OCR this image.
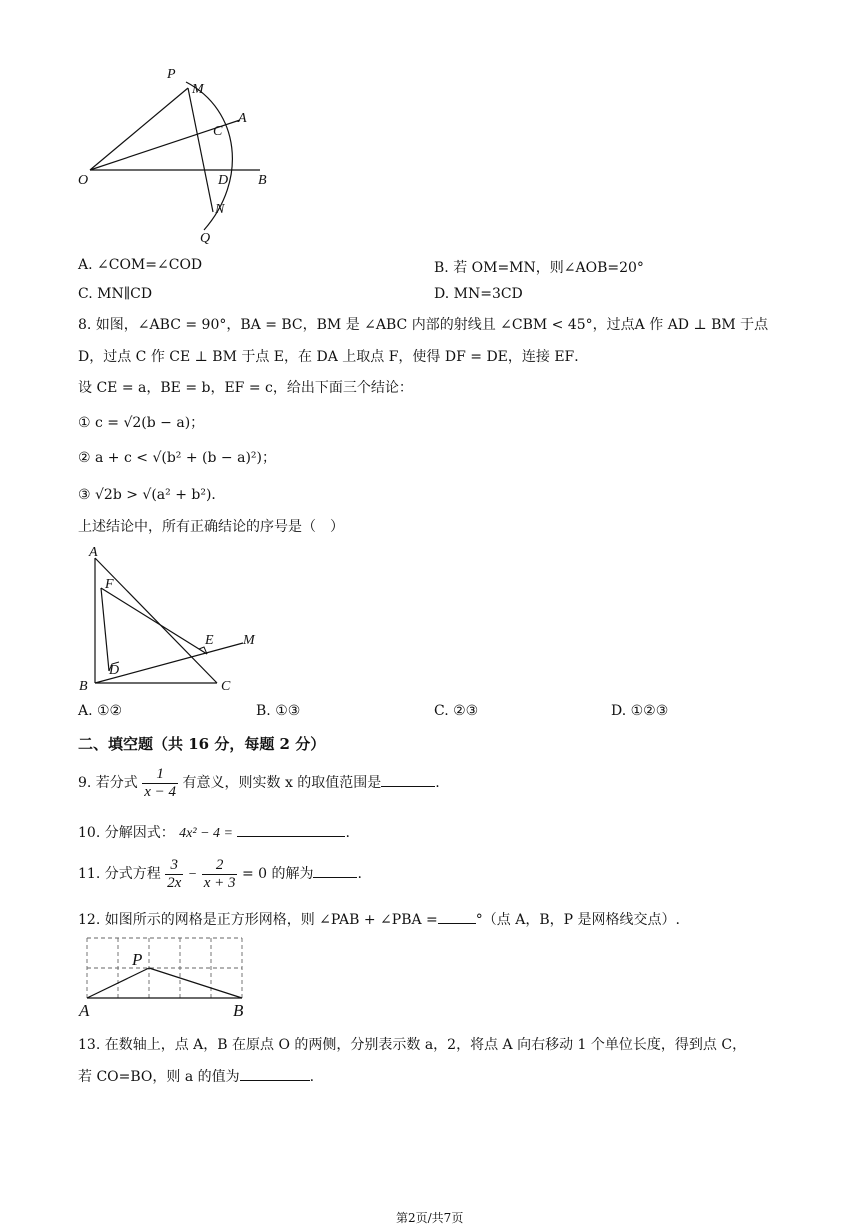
P
M
A
C
O	D B
N
Q
A. ∠COM=∠COD	B. 若 OM=MN，则∠AOB=20°
C. MN∥CD	D. MN=3CD
8. 如图，∠ABC = 90°，BA = BC，BM 是 ∠ABC 内部的射线且 ∠CBM < 45°，过点A 作 AD ⊥ BM 于点
D，过点 C 作 CE ⊥ BM 于点 E，在 DA 上取点 F，使得 DF = DE，连接 EF．
设 CE = a，BE = b，EF = c，给出下面三个结论：
① c = √2(b − a)；
② a + c < √(b² + (b − a)²)；
③ √2b > √(a² + b²)．
上述结论中，所有正确结论的序号是（　）
A
F
E M
D
B	C
A. ①②	B. ①③	C. ②③	D. ①②③
二、填空题（共 16 分，每题 2 分）
9. 若分式 $\frac{1}{x - 4}$ 有意义，则实数 x 的取值范围是	.
10. 分解因式： 4x² − 4 =	.
11. 分式方程 $\frac{3}{2x} - \frac{2}{x + 3} = 0$ 的解为	.
12. 如图所示的网格是正方形网格，则 ∠PAB + ∠PBA =	°（点 A，B，P 是网格线交点）.
P
A	B
13. 在数轴上，点 A，B 在原点 O 的两侧，分别表示数 a，2，将点 A 向右移动 1 个单位长度，得到点 C，
若 CO=BO，则 a 的值为	.
第2页/共7页
